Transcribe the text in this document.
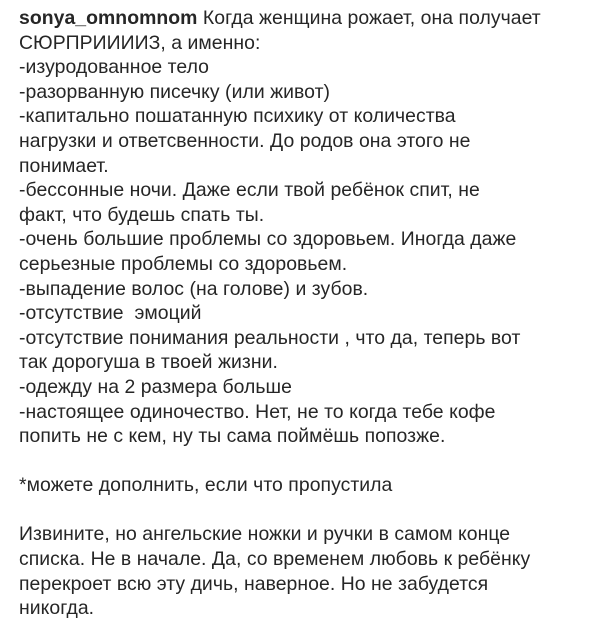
sonya_omnomnom Когда женщина рожает, она получает

СЮРПРИИИИЗ, а именно:

-изуродованное тело

-разорванную писечку (или живот)

-капитально пошатанную психику от количества

нагрузки и ответсвенности. До родов она этого не

понимает.

-бессонные ночи. Даже если твой ребёнок спит, не

факт, что будешь спать ты.

-очень большие проблемы со здоровьем. Иногда даже

серьезные проблемы со здоровьем.

-выпадение волос (на голове) и зубов.

-отсутствие  эмоций

-отсутствие понимания реальности , что да, теперь вот

так дорогуша в твоей жизни.

-одежду на 2 размера больше

-настоящее одиночество. Нет, не то когда тебе кофе

попить не с кем, ну ты сама поймёшь попозже.

*можете дополнить, если что пропустила

Извините, но ангельские ножки и ручки в самом конце

списка. Не в начале. Да, со временем любовь к ребёнку

перекроет всю эту дичь, наверное. Но не забудется

никогда.
